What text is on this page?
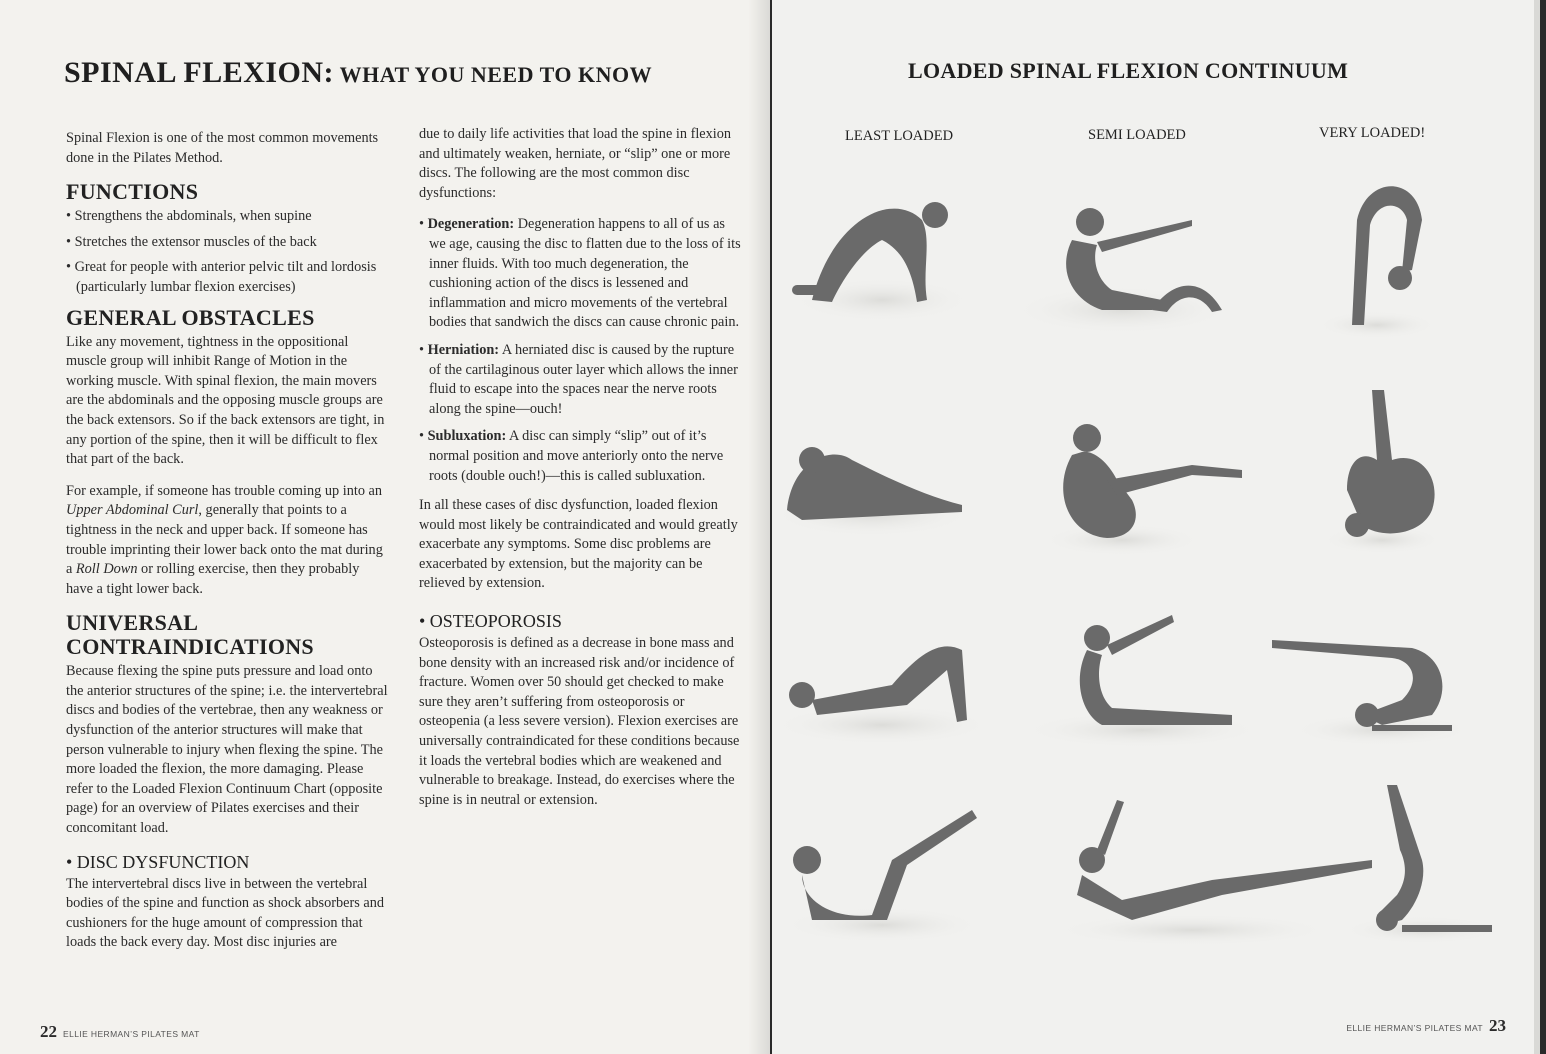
SPINAL FLEXION: WHAT YOU NEED TO KNOW

Spinal Flexion is one of the most common movements done in the Pilates Method.

FUNCTIONS
• Strengthens the abdominals, when supine
• Stretches the extensor muscles of the back
• Great for people with anterior pelvic tilt and lordosis (particularly lumbar flexion exercises)
GENERAL OBSTACLES

Like any movement, tightness in the oppositional muscle group will inhibit Range of Motion in the working muscle. With spinal flexion, the main movers are the abdominals and the opposing muscle groups are the back extensors. So if the back extensors are tight, in any portion of the spine, then it will be difficult to flex that part of the back.

For example, if someone has trouble coming up into an Upper Abdominal Curl, generally that points to a tightness in the neck and upper back. If someone has trouble imprinting their lower back onto the mat during a Roll Down or rolling exercise, then they probably have a tight lower back.

UNIVERSAL
CONTRAINDICATIONS

Because flexing the spine puts pressure and load onto the anterior structures of the spine; i.e. the intervertebral discs and bodies of the vertebrae, then any weakness or dysfunction of the anterior structures will make that person vulnerable to injury when flexing the spine. The more loaded the flexion, the more damaging. Please refer to the Loaded Flexion Continuum Chart (opposite page) for an overview of Pilates exercises and their concomitant load.

• DISC DYSFUNCTION

The intervertebral discs live in between the vertebral bodies of the spine and function as shock absorbers and cushioners for the huge amount of compression that loads the back every day. Most disc injuries are

due to daily life activities that load the spine in flexion and ultimately weaken, herniate, or “slip” one or more discs. The following are the most common disc dysfunctions:

• Degeneration: Degeneration happens to all of us as we age, causing the disc to flatten due to the loss of its inner fluids. With too much degeneration, the cushioning action of the discs is lessened and inflammation and micro movements of the vertebral bodies that sandwich the discs can cause chronic pain.
• Herniation: A herniated disc is caused by the rupture of the cartilaginous outer layer which allows the inner fluid to escape into the spaces near the nerve roots along the spine—ouch!
• Subluxation: A disc can simply “slip” out of it’s normal position and move anteriorly onto the nerve roots (double ouch!)—this is called subluxation.

In all these cases of disc dysfunction, loaded flexion would most likely be contraindicated and would greatly exacerbate any symptoms. Some disc problems are exacerbated by extension, but the majority can be relieved by extension.

• OSTEOPOROSIS

Osteoporosis is defined as a decrease in bone mass and bone density with an increased risk and/or incidence of fracture. Women over 50 should get checked to make sure they aren’t suffering from osteoporosis or osteopenia (a less severe version). Flexion exercises are universally contraindicated for these conditions because it loads the vertebral bodies which are weakened and vulnerable to breakage. Instead, do exercises where the spine is in neutral or extension.

22 ELLIE HERMAN’S PILATES MAT
LOADED SPINAL FLEXION CONTINUUM
LEAST LOADED	SEMI LOADED	VERY LOADED!
ELLIE HERMAN’S PILATES MAT 23
